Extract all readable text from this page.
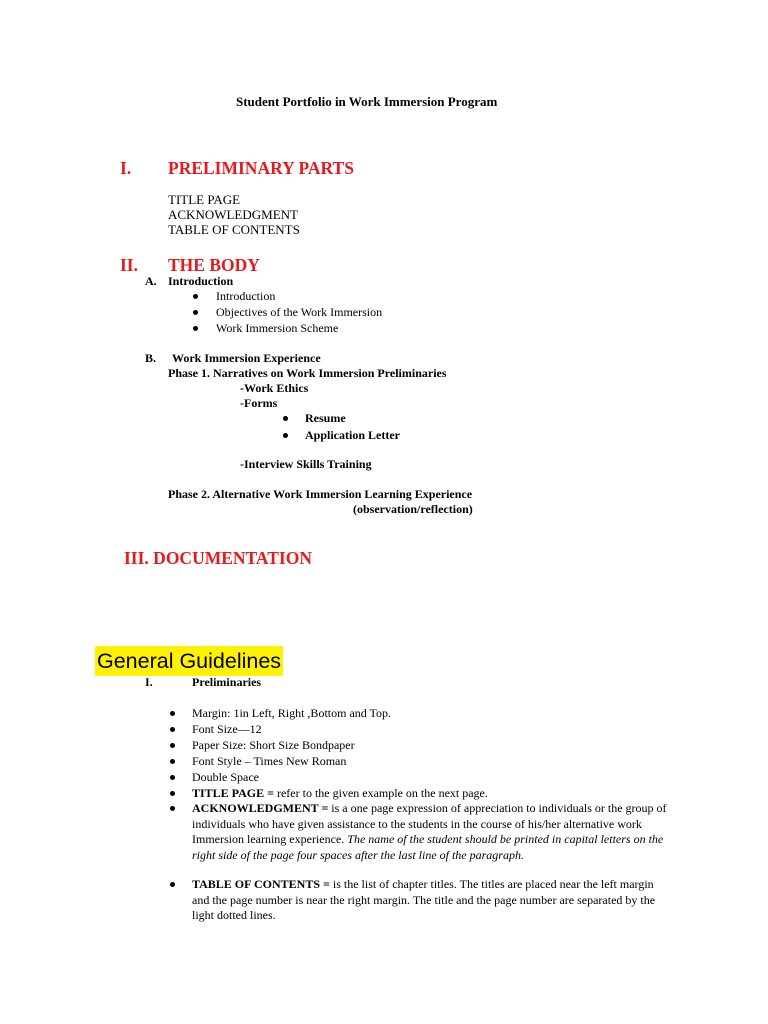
Student Portfolio in Work Immersion Program
I. PRELIMINARY PARTS
TITLE PAGE
ACKNOWLEDGMENT
TABLE OF CONTENTS
II. THE BODY
A. Introduction
Introduction
Objectives of the Work Immersion
Work Immersion Scheme
B. Work Immersion Experience
Phase 1. Narratives on Work Immersion Preliminaries
-Work Ethics
-Forms
Resume
Application Letter
-Interview Skills Training
Phase 2. Alternative Work Immersion Learning Experience
(observation/reflection)
III. DOCUMENTATION
General Guidelines
I.	Preliminaries
Margin: 1in Left, Right ,Bottom and Top.
Font Size—12
Paper Size: Short Size Bondpaper
Font Style – Times New Roman
Double Space
TITLE PAGE = refer to the given example on the next page.
ACKNOWLEDGMENT = is a one page expression of appreciation to individuals or the group of individuals who have given assistance to the students in the course of his/her alternative work Immersion learning experience. The name of the student should be printed in capital letters on the right side of the page four spaces after the last line of the paragraph.
TABLE OF CONTENTS = is the list of chapter titles. The titles are placed near the left margin and the page number is near the right margin. The title and the page number are separated by the light dotted lines.
